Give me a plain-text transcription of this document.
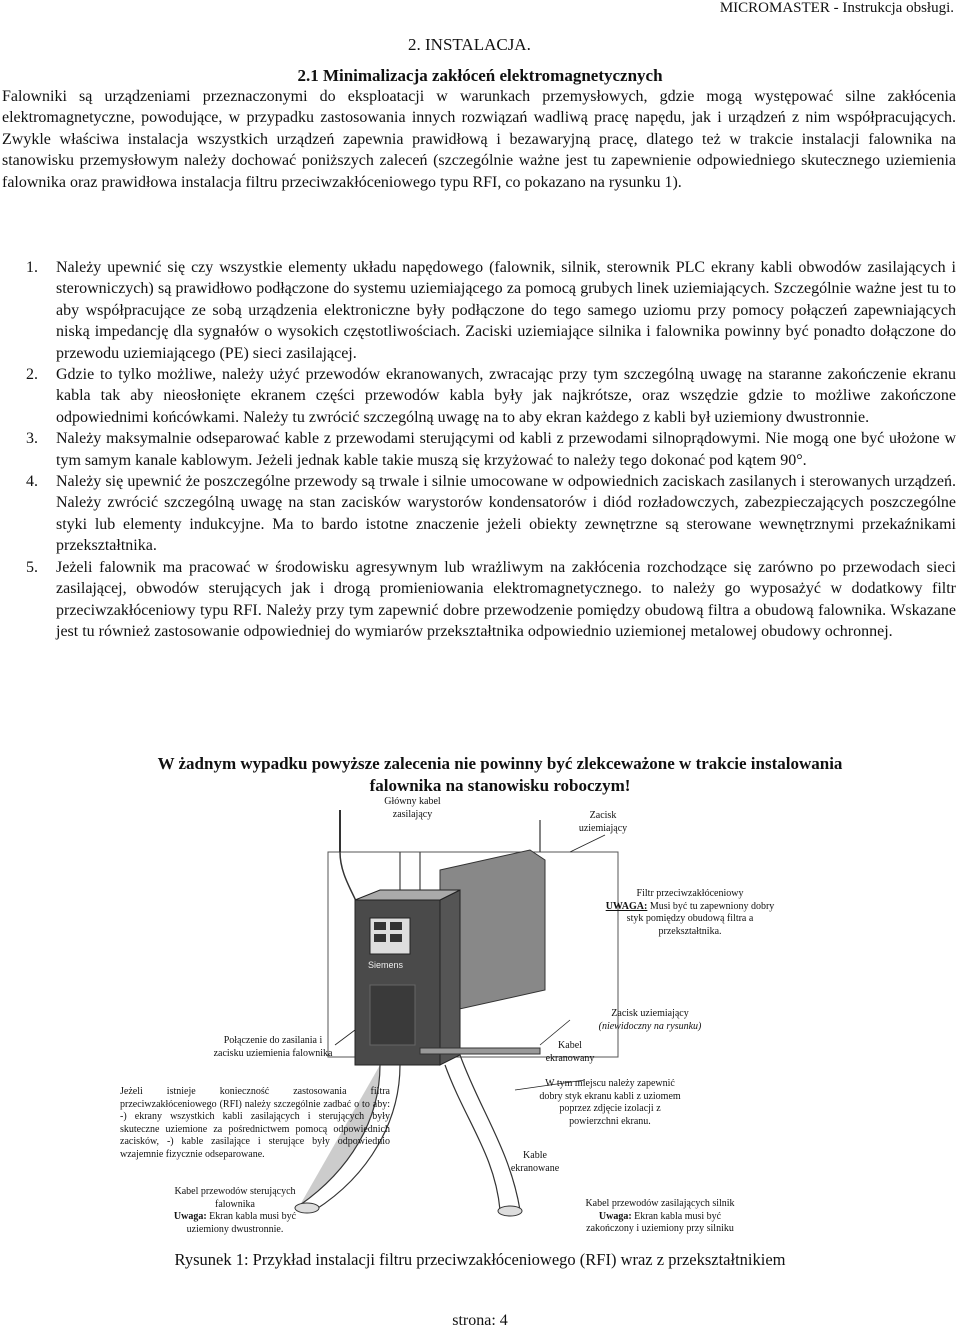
MICROMASTER - Instrukcja obsługi.
2. INSTALACJA.
2.1 Minimalizacja zakłóceń elektromagnetycznych
Falowniki są urządzeniami przeznaczonymi do eksploatacji w warunkach przemysłowych, gdzie mogą występować silne zakłócenia elektromagnetyczne, powodujące, w przypadku zastosowania innych rozwiązań wadliwą pracę napędu, jak i urządzeń z nim współpracujących. Zwykle właściwa instalacja wszystkich urządzeń zapewnia prawidłową i bezawaryjną pracę, dlatego też w trakcie instalacji falownika na stanowisku przemysłowym należy dochować poniższych zaleceń (szczególnie ważne jest tu zapewnienie odpowiedniego skutecznego uziemienia falownika oraz prawidłowa instalacja filtru przeciwzakłóceniowego typu RFI, co pokazano na rysunku 1).

1. Należy upewnić się czy wszystkie elementy układu napędowego (falownik, silnik, sterownik PLC ekrany kabli obwodów zasilających i sterowniczych) są prawidłowo podłączone do systemu uziemiającego za pomocą grubych linek uziemiających. Szczególnie ważne jest tu to aby współpracujące ze sobą urządzenia elektroniczne były podłączone do tego samego uziomu przy pomocy połączeń zapewniających niską impedancję dla sygnałów o wysokich częstotliwościach. Zaciski uziemiające silnika i falownika powinny być ponadto dołączone do przewodu uziemiającego (PE) sieci zasilającej.

2. Gdzie to tylko możliwe, należy użyć przewodów ekranowanych, zwracając przy tym szczególną uwagę na staranne zakończenie ekranu kabla tak aby nieosłonięte ekranem części przewodów kabla były jak najkrótsze, oraz wszędzie gdzie to możliwe zakończone odpowiednimi końcówkami. Należy tu zwrócić szczególną uwagę na to aby ekran każdego z kabli był uziemiony dwustronnie.

3. Należy maksymalnie odseparować kable z przewodami sterującymi od kabli z przewodami silnoprądowymi. Nie mogą one być ułożone w tym samym kanale kablowym. Jeżeli jednak kable takie muszą się krzyżować to należy tego dokonać pod kątem 90°.

4. Należy się upewnić że poszczególne przewody są trwale i silnie umocowane w odpowiednich zaciskach zasilanych i sterowanych urządzeń. Należy zwrócić szczególną uwagę na stan zacisków warystorów kondensatorów i diód rozładowczych, zabezpieczających poszczególne styki lub elementy indukcyjne. Ma to bardo istotne znaczenie jeżeli obiekty zewnętrzne są sterowane wewnętrznymi przekaźnikami przekształtnika.

5. Jeżeli falownik ma pracować w środowisku agresywnym lub wrażliwym na zakłócenia rozchodzące się zarówno po przewodach sieci zasilającej, obwodów sterujących jak i drogą promieniowania elektromagnetycznego. to należy go wyposażyć w dodatkowy filtr przeciwzakłóceniowy typu RFI. Należy przy tym zapewnić dobre przewodzenie pomiędzy obudową filtra a obudową falownika. Wskazane jest tu również zastosowanie odpowiedniej do wymiarów przekształtnika odpowiednio uziemionej metalowej obudowy ochronnej.

W żadnym wypadku powyższe zalecenia nie powinny być zlekceważone w trakcie instalowania falownika na stanowisku roboczym!
Siemens
Główny kabel zasilający	Zacisk uziemiający
Filtr przeciwzakłóceniowy
UWAGA: Musi być tu zapewniony dobry styk pomiędzy obudową filtra a przekształtnika.
Zacisk uziemiający
(niewidoczny na rysunku)
Połączenie do zasilania i zacisku uziemienia falownika
Kabel ekranowany
W tym miejscu należy zapewnić dobry styk ekranu kabli z uziomem poprzez zdjęcie izolacji z powierzchni ekranu.
Jeżeli istnieje konieczność zastosowania filtra przeciwzakłóceniowego (RFI) należy szczególnie zadbać o to aby: -) ekrany wszystkich kabli zasilających i sterujących były skuteczne uziemione za pośrednictwem pomocą odpowiednich zacisków, -) kable zasilające i sterujące były odpowiednio wzajemnie fizycznie odseparowane.	Kable ekranowane
Kabel przewodów sterujących falownika
Uwaga: Ekran kabla musi być uziemiony dwustronnie.
Kabel przewodów zasilających silnik
Uwaga: Ekran kabla musi być zakończony i uziemiony przy silniku
Rysunek 1: Przykład instalacji filtru przeciwzakłóceniowego (RFI) wraz z przekształtnikiem
strona: 4
